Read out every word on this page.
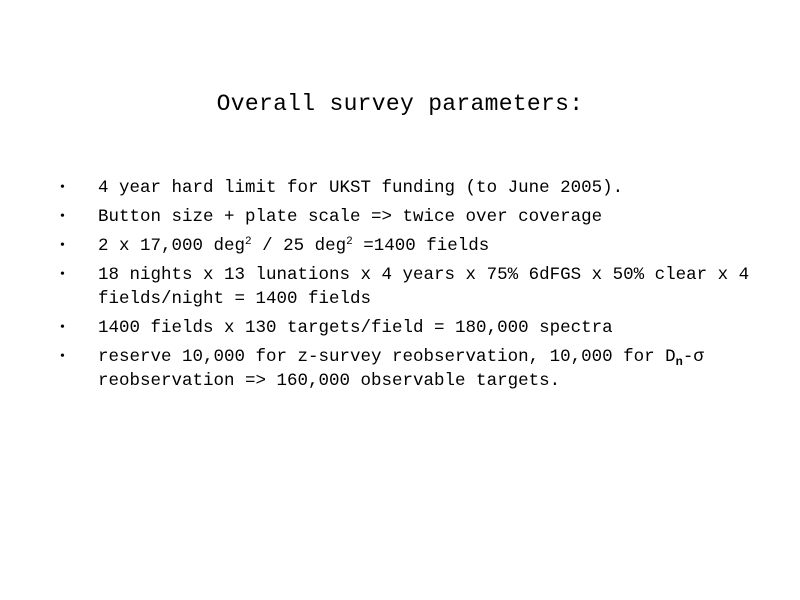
Overall survey parameters:
• 4 year hard limit for UKST funding (to June 2005).
• Button size + plate scale => twice over coverage
• 2 x 17,000 deg$^2$ / 25 deg$^2$ =1400 fields
• 18 nights x 13 lunations x 4 years x 75% 6dFGS x 50% clear x 4 fields/night = 1400 fields
• 1400 fields x 130 targets/field = 180,000 spectra
• reserve 10,000 for z-survey reobservation, 10,000 for $D_n-\sigma$ reobservation => 160,000 observable targets.
